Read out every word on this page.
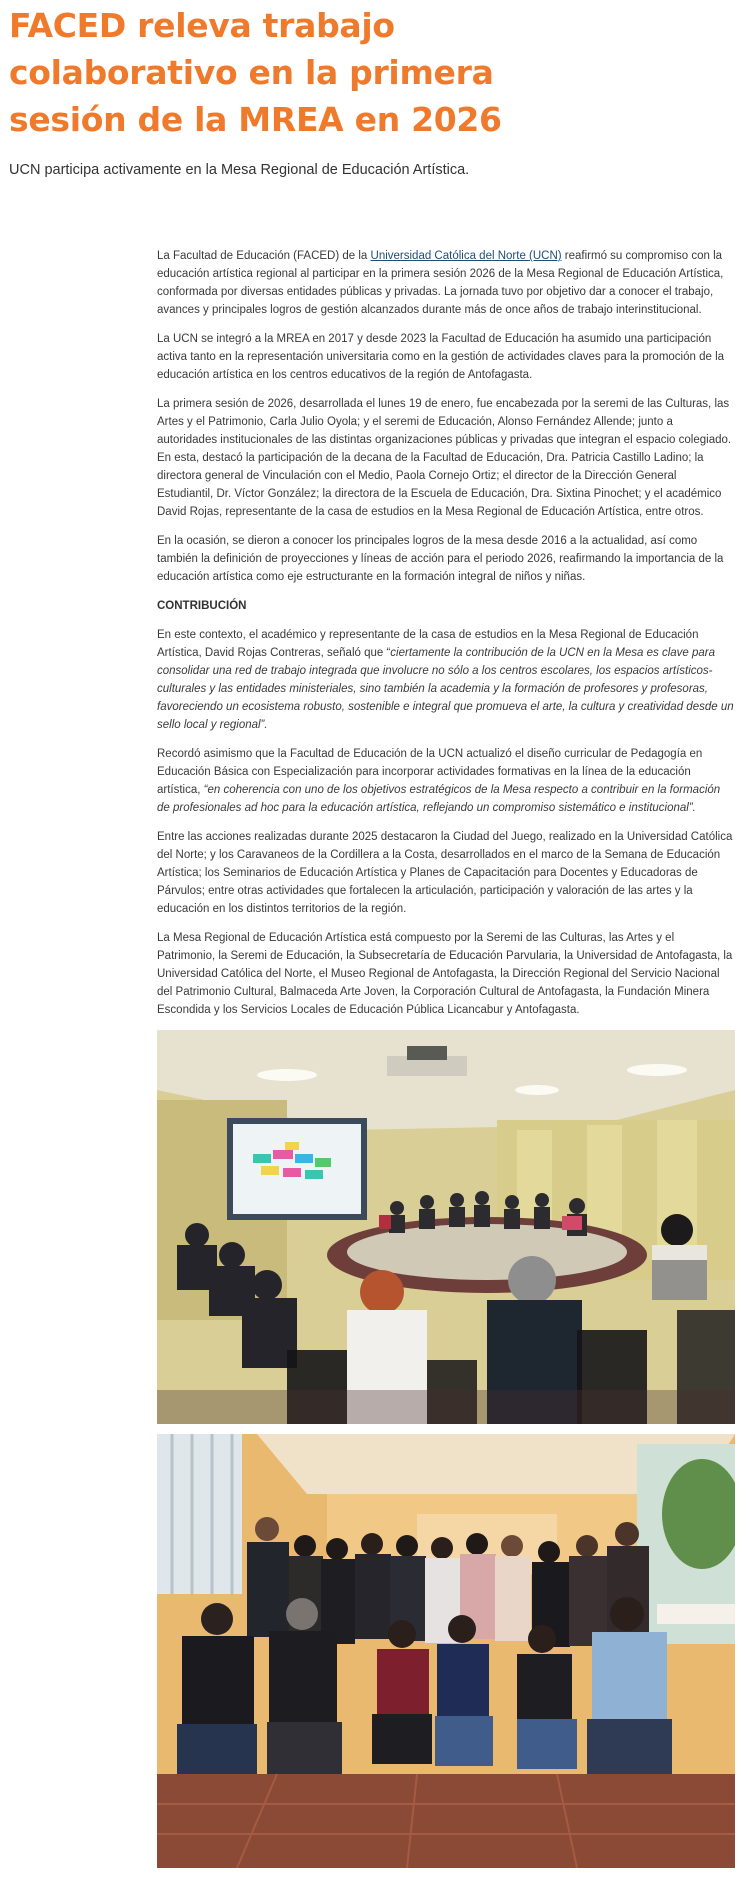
FACED releva trabajo colaborativo en la primera sesión de la MREA en 2026
UCN participa activamente en la Mesa Regional de Educación Artística.

La Facultad de Educación (FACED) de la Universidad Católica del Norte (UCN) reafirmó su compromiso con la educación artística regional al participar en la primera sesión 2026 de la Mesa Regional de Educación Artística, conformada por diversas entidades públicas y privadas. La jornada tuvo por objetivo dar a conocer el trabajo, avances y principales logros de gestión alcanzados durante más de once años de trabajo interinstitucional.

La UCN se integró a la MREA en 2017 y desde 2023 la Facultad de Educación ha asumido una participación activa tanto en la representación universitaria como en la gestión de actividades claves para la promoción de la educación artística en los centros educativos de la región de Antofagasta.

La primera sesión de 2026, desarrollada el lunes 19 de enero, fue encabezada por la seremi de las Culturas, las Artes y el Patrimonio, Carla Julio Oyola; y el seremi de Educación, Alonso Fernández Allende; junto a autoridades institucionales de las distintas organizaciones públicas y privadas que integran el espacio colegiado. En esta, destacó la participación de la decana de la Facultad de Educación, Dra. Patricia Castillo Ladino; la directora general de Vinculación con el Medio, Paola Cornejo Ortiz; el director de la Dirección General Estudiantil, Dr. Víctor González; la directora de la Escuela de Educación, Dra. Sixtina Pinochet; y el académico David Rojas, representante de la casa de estudios en la Mesa Regional de Educación Artística, entre otros.

En la ocasión, se dieron a conocer los principales logros de la mesa desde 2016 a la actualidad, así como también la definición de proyecciones y líneas de acción para el periodo 2026, reafirmando la importancia de la educación artística como eje estructurante en la formación integral de niños y niñas.

CONTRIBUCIÓN

En este contexto, el académico y representante de la casa de estudios en la Mesa Regional de Educación Artística, David Rojas Contreras, señaló que “ciertamente la contribución de la UCN en la Mesa es clave para consolidar una red de trabajo integrada que involucre no sólo a los centros escolares, los espacios artísticos-culturales y las entidades ministeriales, sino también la academia y la formación de profesores y profesoras, favoreciendo un ecosistema robusto, sostenible e integral que promueva el arte, la cultura y creatividad desde un sello local y regional”.

Recordó asimismo que la Facultad de Educación de la UCN actualizó el diseño curricular de Pedagogía en Educación Básica con Especialización para incorporar actividades formativas en la línea de la educación artística, “en coherencia con uno de los objetivos estratégicos de la Mesa respecto a contribuir en la formación de profesionales ad hoc para la educación artística, reflejando un compromiso sistemático e institucional”.

Entre las acciones realizadas durante 2025 destacaron la Ciudad del Juego, realizado en la Universidad Católica del Norte; y los Caravaneos de la Cordillera a la Costa, desarrollados en el marco de la Semana de Educación Artística; los Seminarios de Educación Artística y Planes de Capacitación para Docentes y Educadoras de Párvulos; entre otras actividades que fortalecen la articulación, participación y valoración de las artes y la educación en los distintos territorios de la región.

La Mesa Regional de Educación Artística está compuesto por la Seremi de las Culturas, las Artes y el Patrimonio, la Seremi de Educación, la Subsecretaría de Educación Parvularia, la Universidad de Antofagasta, la Universidad Católica del Norte, el Museo Regional de Antofagasta, la Dirección Regional del Servicio Nacional del Patrimonio Cultural, Balmaceda Arte Joven, la Corporación Cultural de Antofagasta, la Fundación Minera Escondida y los Servicios Locales de Educación Pública Licancabur y Antofagasta.
